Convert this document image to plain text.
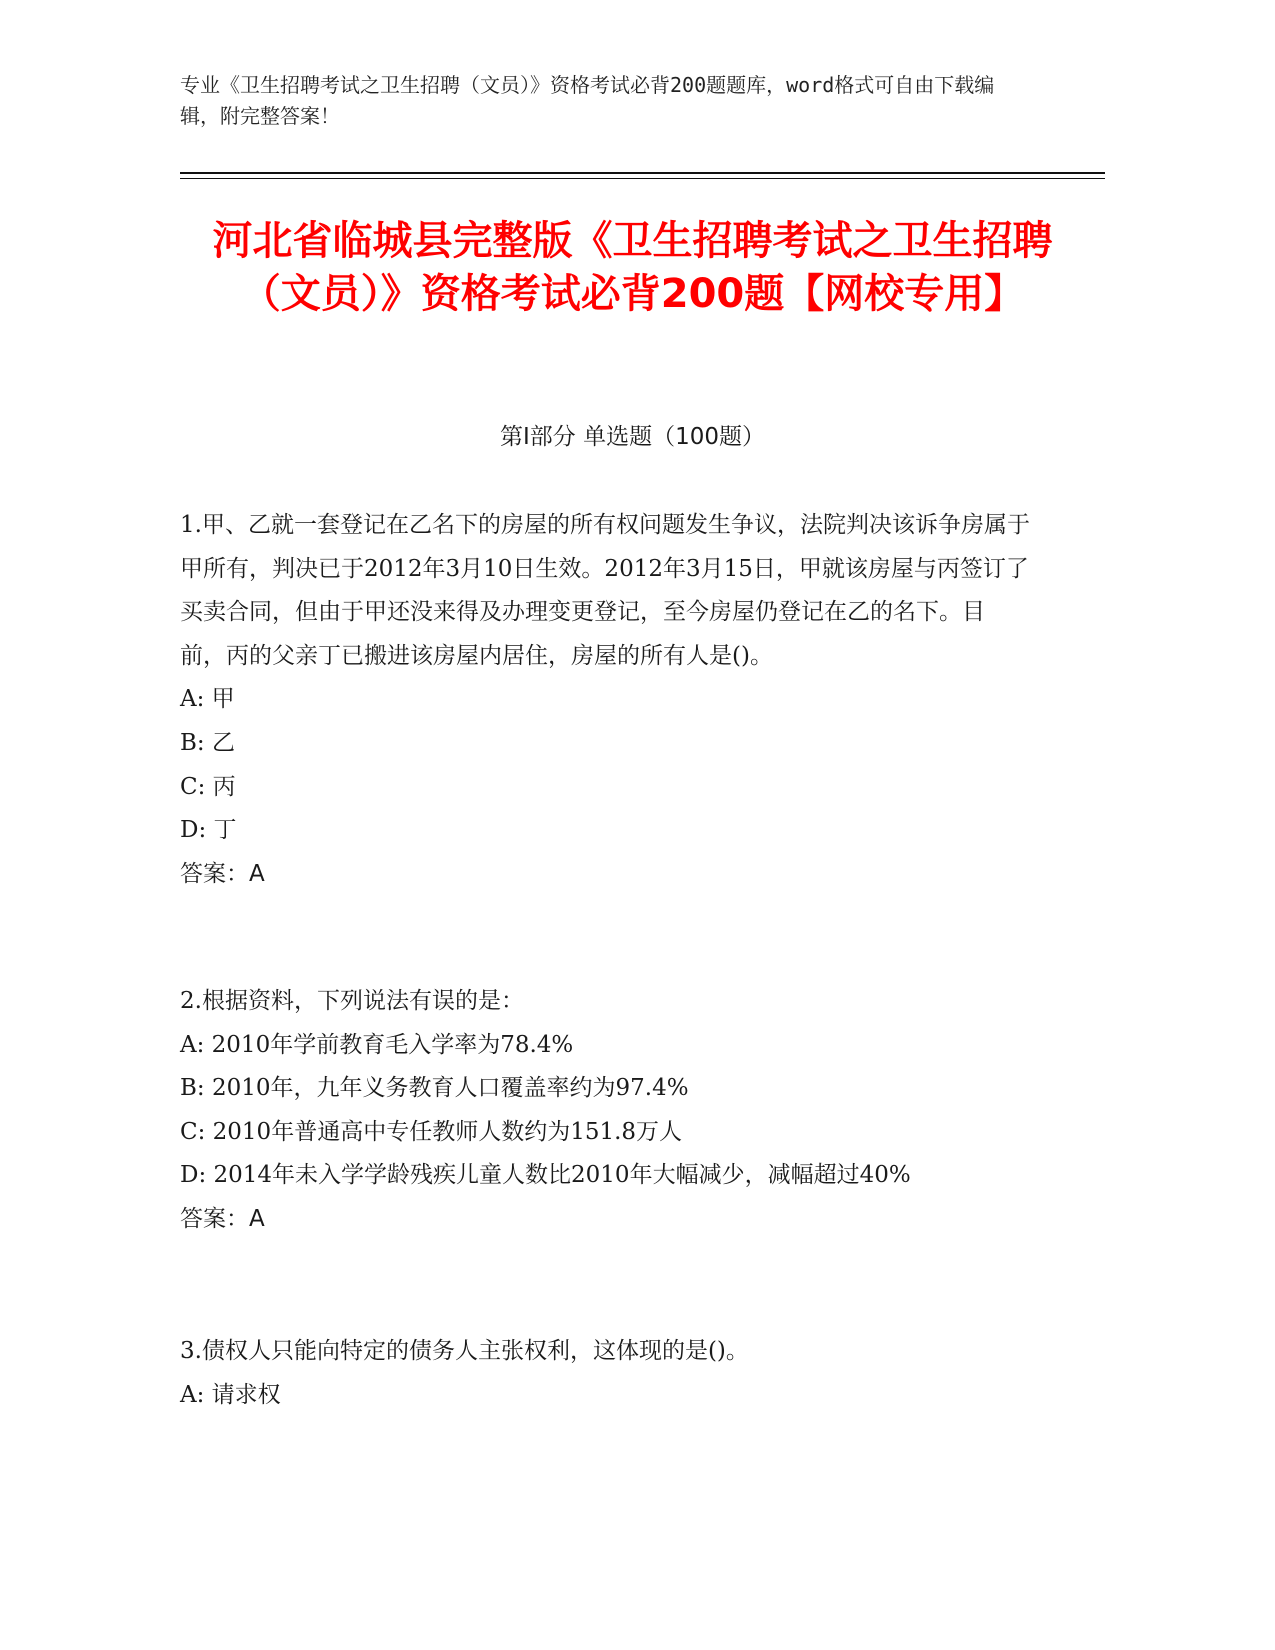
专业《卫生招聘考试之卫生招聘（文员）》资格考试必背200题题库，word格式可自由下载编辑，附完整答案！
河北省临城县完整版《卫生招聘考试之卫生招聘（文员）》资格考试必背200题【网校专用】
第I部分 单选题（100题）
1.甲、乙就一套登记在乙名下的房屋的所有权问题发生争议，法院判决该诉争房属于甲所有，判决已于2012年3月10日生效。2012年3月15日，甲就该房屋与丙签订了买卖合同，但由于甲还没来得及办理变更登记，至今房屋仍登记在乙的名下。目前，丙的父亲丁已搬进该房屋内居住，房屋的所有人是()。
A: 甲
B: 乙
C: 丙
D: 丁
答案：A
2.根据资料，下列说法有误的是：
A: 2010年学前教育毛入学率为78.4%
B: 2010年，九年义务教育人口覆盖率约为97.4%
C: 2010年普通高中专任教师人数约为151.8万人
D: 2014年未入学学龄残疾儿童人数比2010年大幅减少，减幅超过40%
答案：A
3.债权人只能向特定的债务人主张权利，这体现的是()。
A: 请求权
